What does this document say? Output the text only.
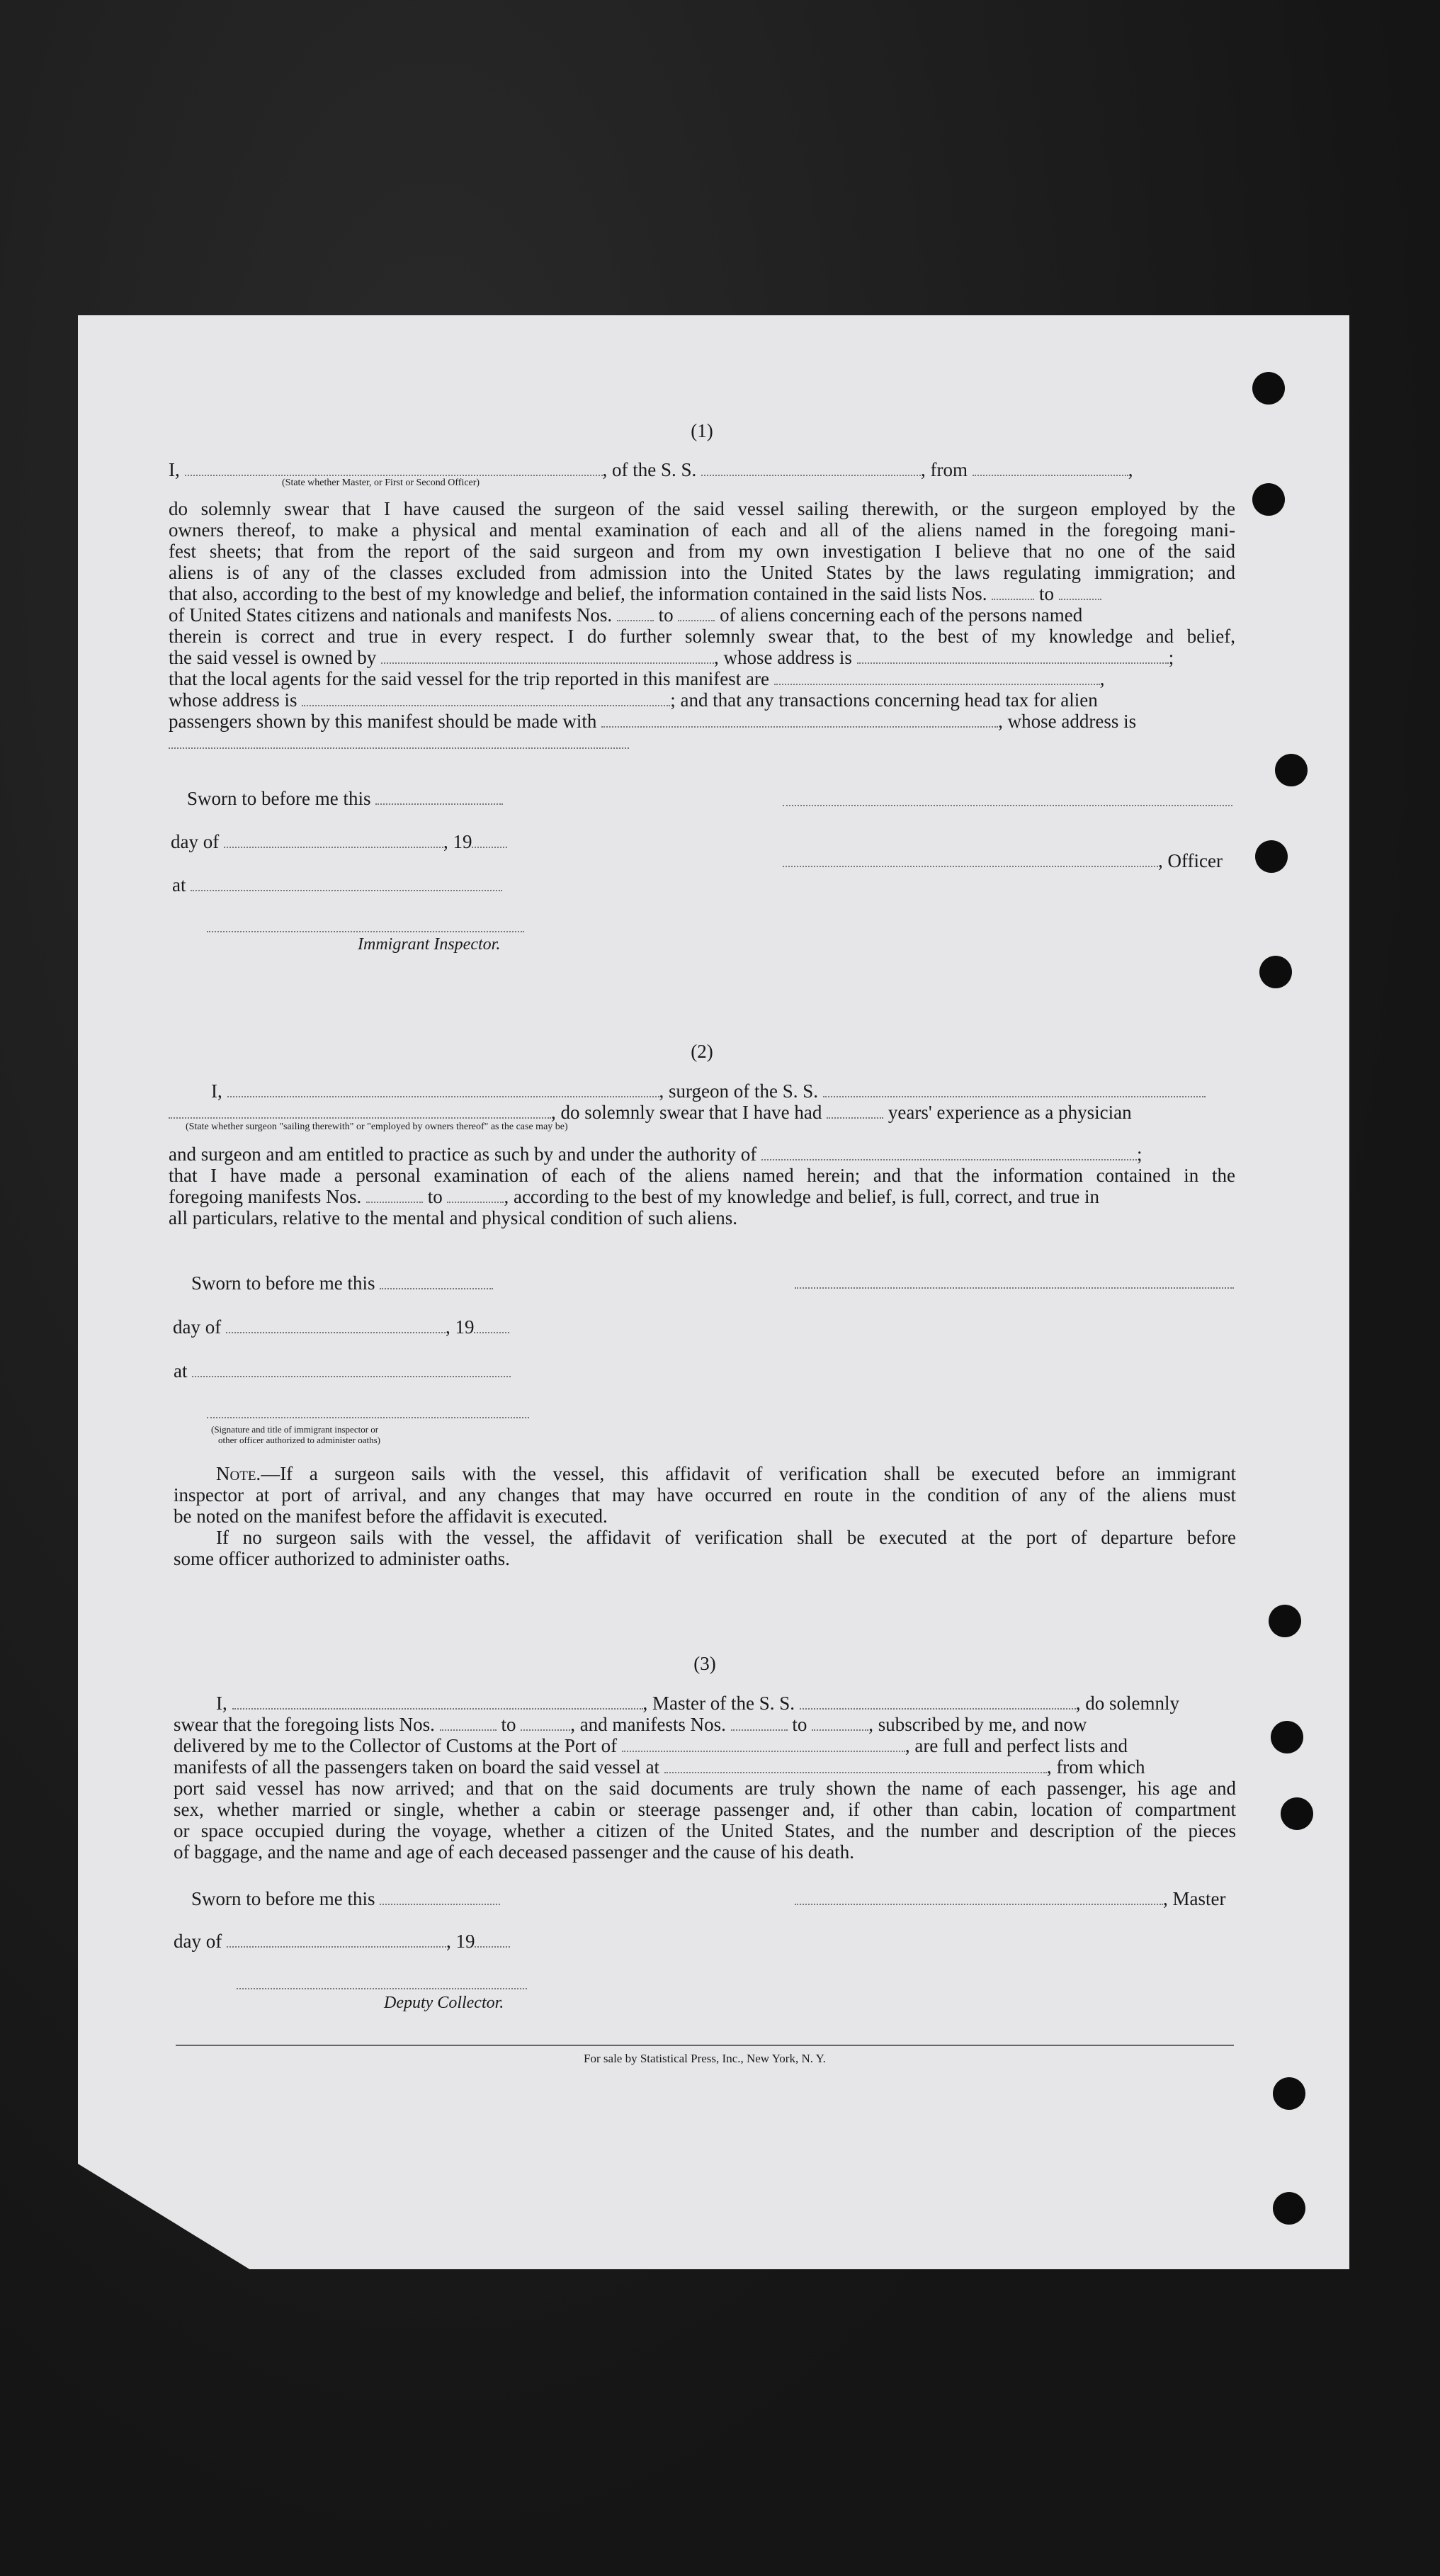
(1)

I,	, of the S. S.	, from	,
(State whether Master, or First or Second Officer)
do solemnly swear that I have caused the surgeon of the said vessel sailing therewith, or the surgeon employed by the
owners thereof, to make a physical and mental examination of each and all of the aliens named in the foregoing mani-
fest sheets; that from the report of the said surgeon and from my own investigation I believe that no one of the said
aliens is of any of the classes excluded from admission into the United States by the laws regulating immigration; and
that also, according to the best of my knowledge and belief, the information contained in the said lists Nos.	to
of United States citizens and nationals and manifests Nos. to of aliens concerning each of the persons named
therein is correct and true in every respect. I do further solemnly swear that, to the best of my knowledge and belief,
the said vessel is owned by	, whose address is	;
that the local agents for the said vessel for the trip reported in this manifest are	,
whose address is	; and that any transactions concerning head tax for alien
passengers shown by this manifest should be made with	, whose address is
Sworn to before me this
day of	, 19
at
Immigrant Inspector.
, Officer

(2)

I,	, surgeon of the S. S.
, do solemnly swear that I have had	years' experience as a physician
(State whether surgeon "sailing therewith" or "employed by owners thereof" as the case may be)
and surgeon and am entitled to practice as such by and under the authority of	;
that I have made a personal examination of each of the aliens named herein; and that the information contained in the
foregoing manifests Nos.	to	, according to the best of my knowledge and belief, is full, correct, and true in
all particulars, relative to the mental and physical condition of such aliens.
Sworn to before me this
day of	, 19
at
(Signature and title of immigrant inspector or
other officer authorized to administer oaths)
Note.—If a surgeon sails with the vessel, this affidavit of verification shall be executed before an immigrant
inspector at port of arrival, and any changes that may have occurred en route in the condition of any of the aliens must
be noted on the manifest before the affidavit is executed.
If no surgeon sails with the vessel, the affidavit of verification shall be executed at the port of departure before
some officer authorized to administer oaths.

(3)

I,	, Master of the S. S.	, do solemnly
swear that the foregoing lists Nos.	to	, and manifests Nos.	to	, subscribed by me, and now
delivered by me to the Collector of Customs at the Port of	, are full and perfect lists and
manifests of all the passengers taken on board the said vessel at	, from which
port said vessel has now arrived; and that on the said documents are truly shown the name of each passenger, his age and
sex, whether married or single, whether a cabin or steerage passenger and, if other than cabin, location of compartment
or space occupied during the voyage, whether a citizen of the United States, and the number and description of the pieces
of baggage, and the name and age of each deceased passenger and the cause of his death.
Sworn to before me this
day of	, 19
, Master
Deputy Collector.
For sale by Statistical Press, Inc., New York, N. Y.
